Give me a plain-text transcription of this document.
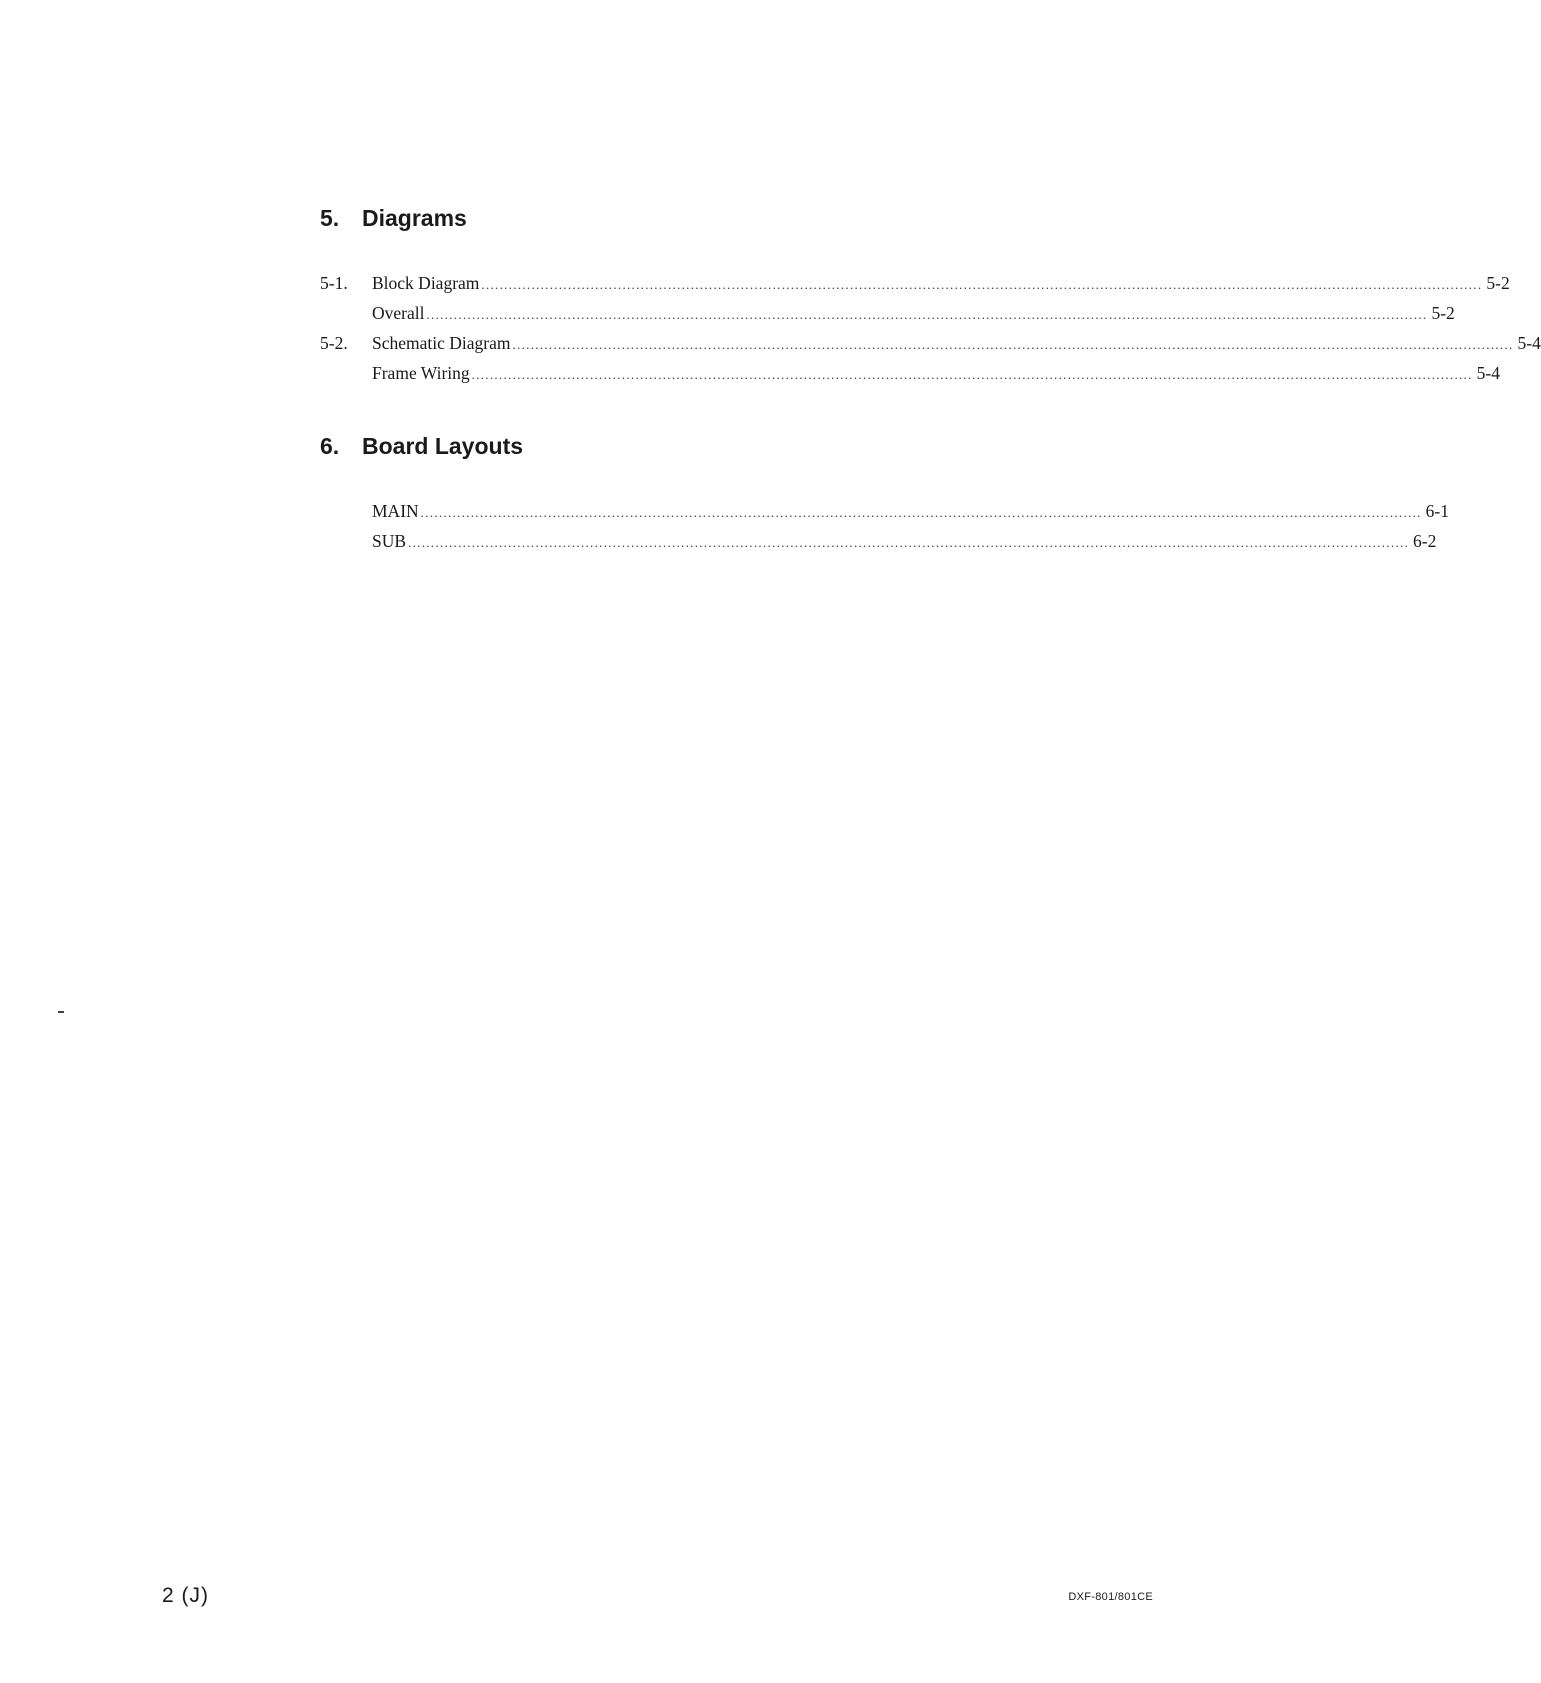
5. Diagrams
5-1.	Block Diagram ............................................................................................................................................................................................................................ 5-2
Overall ............................................................................................................................................................................................................................ 5-2
5-2.	Schematic Diagram ............................................................................................................................................................................................................................ 5-4
Frame Wiring ............................................................................................................................................................................................................................ 5-4
6. Board Layouts
MAIN ............................................................................................................................................................................................................................ 6-1
SUB ............................................................................................................................................................................................................................ 6-2
2 (J)	DXF-801/801CE
